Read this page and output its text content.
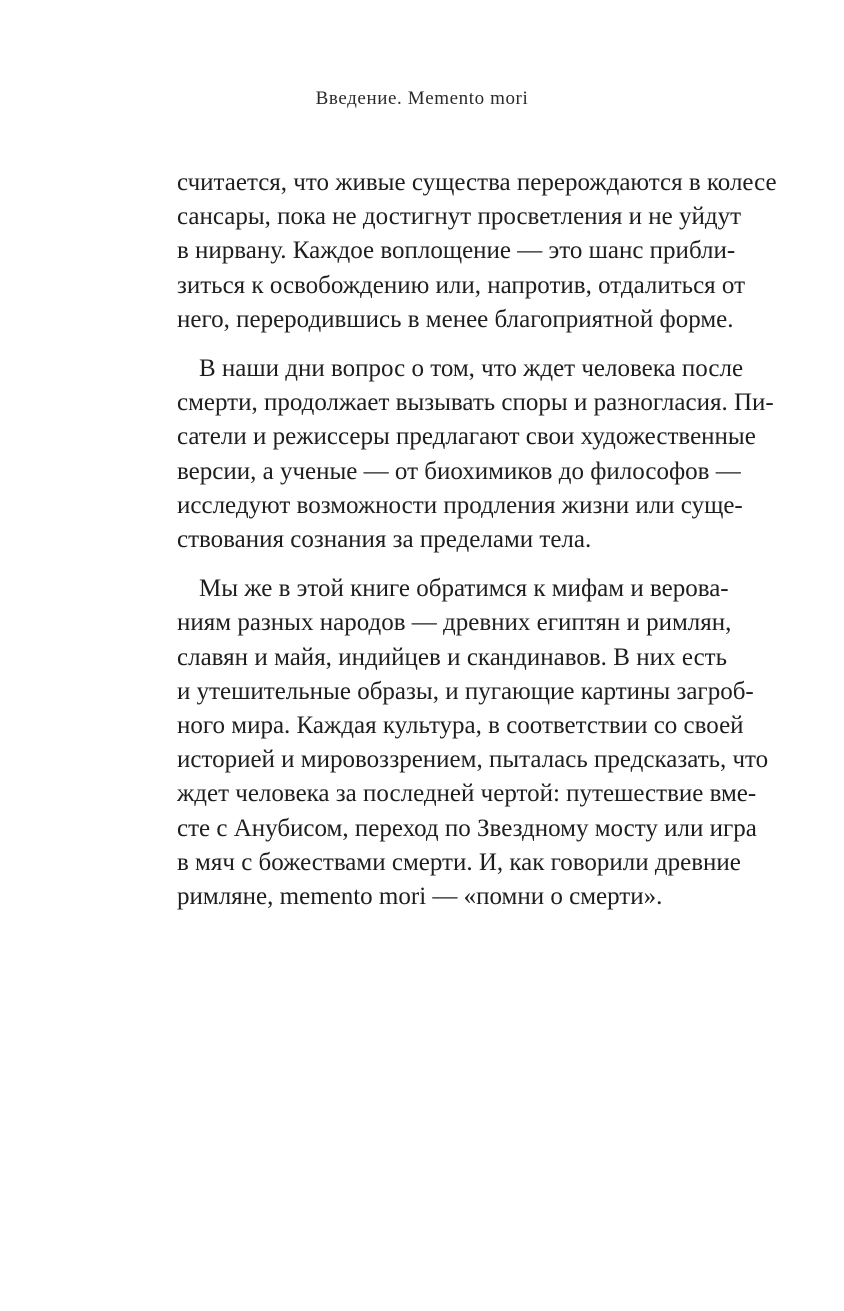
Введение. Memento mori

считается, что живые существа перерождаются в колесе
сансары, пока не достигнут просветления и не уйдут
в нирвану. Каждое воплощение — это шанс прибли-
зиться к освобождению или, напротив, отдалиться от
него, переродившись в менее благоприятной форме.

В наши дни вопрос о том, что ждет человека после
смерти, продолжает вызывать споры и разногласия. Пи-
сатели и режиссеры предлагают свои художественные
версии, а ученые — от биохимиков до философов —
исследуют возможности продления жизни или суще-
ствования сознания за пределами тела.

Мы же в этой книге обратимся к мифам и верова-
ниям разных народов — древних египтян и римлян,
славян и майя, индийцев и скандинавов. В них есть
и утешительные образы, и пугающие картины загроб-
ного мира. Каждая культура, в соответствии со своей
историей и мировоззрением, пыталась предсказать, что
ждет человека за последней чертой: путешествие вме-
сте с Анубисом, переход по Звездному мосту или игра
в мяч с божествами смерти. И, как говорили древние
римляне, memento mori — «помни о смерти».
